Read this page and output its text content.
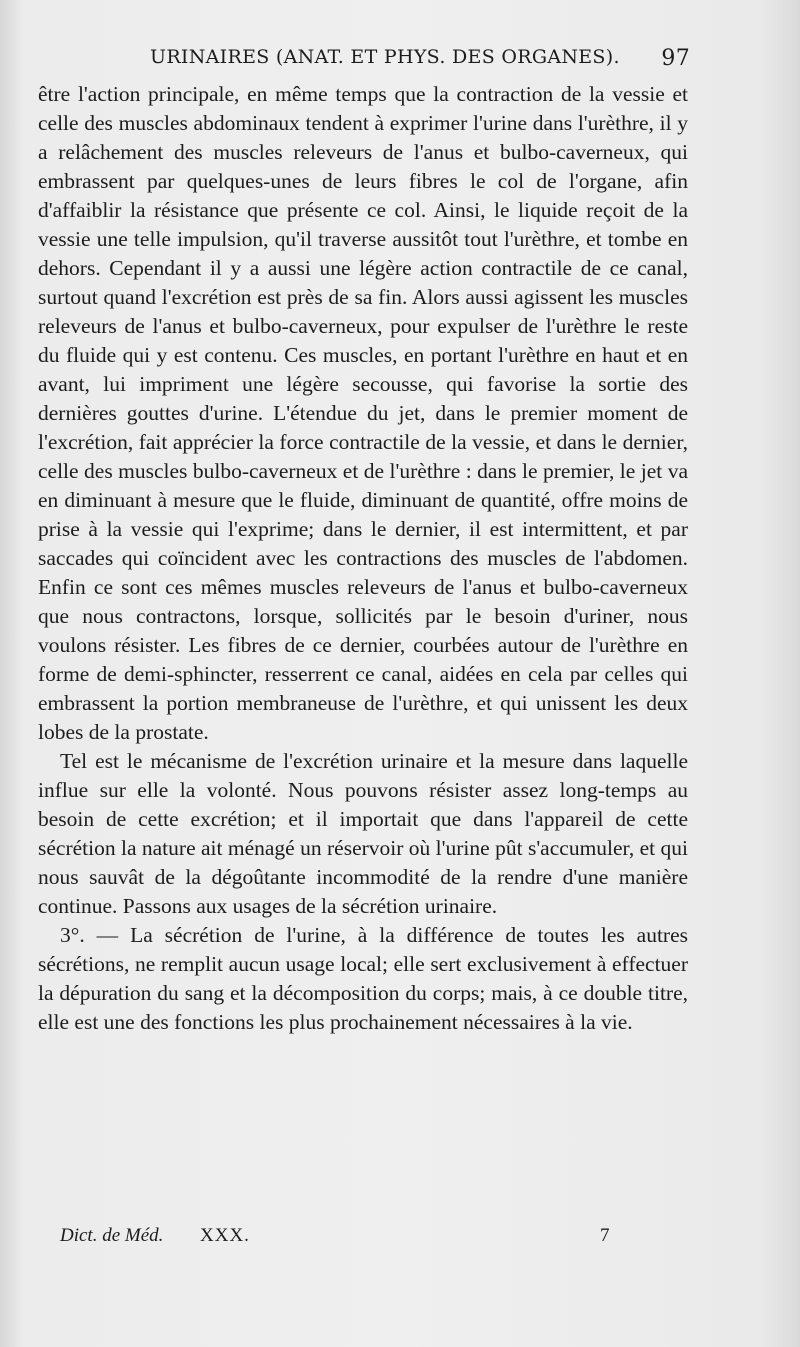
URINAIRES (ANAT. ET PHYS. DES ORGANES). 97

être l'action principale, en même temps que la contraction de la vessie et celle des muscles abdominaux tendent à exprimer l'urine dans l'urèthre, il y a relâchement des muscles releveurs de l'anus et bulbo-caverneux, qui embrassent par quelques-unes de leurs fibres le col de l'organe, afin d'affaiblir la résistance que présente ce col. Ainsi, le liquide reçoit de la vessie une telle impulsion, qu'il traverse aussitôt tout l'urèthre, et tombe en dehors. Cependant il y a aussi une légère action contractile de ce canal, surtout quand l'excrétion est près de sa fin. Alors aussi agissent les muscles releveurs de l'anus et bulbo-caverneux, pour expulser de l'urèthre le reste du fluide qui y est contenu. Ces muscles, en portant l'urèthre en haut et en avant, lui impriment une légère secousse, qui favorise la sortie des dernières gouttes d'urine. L'étendue du jet, dans le premier moment de l'excrétion, fait apprécier la force contractile de la vessie, et dans le dernier, celle des muscles bulbo-caverneux et de l'urèthre : dans le premier, le jet va en diminuant à mesure que le fluide, diminuant de quantité, offre moins de prise à la vessie qui l'exprime; dans le dernier, il est intermittent, et par saccades qui coïncident avec les contractions des muscles de l'abdomen. Enfin ce sont ces mêmes muscles releveurs de l'anus et bulbo-caverneux que nous contractons, lorsque, sollicités par le besoin d'uriner, nous voulons résister. Les fibres de ce dernier, courbées autour de l'urèthre en forme de demi-sphincter, resserrent ce canal, aidées en cela par celles qui embrassent la portion membraneuse de l'urèthre, et qui unissent les deux lobes de la prostate.

Tel est le mécanisme de l'excrétion urinaire et la mesure dans laquelle influe sur elle la volonté. Nous pouvons résister assez long-temps au besoin de cette excrétion; et il importait que dans l'appareil de cette sécrétion la nature ait ménagé un réservoir où l'urine pût s'accumuler, et qui nous sauvât de la dégoûtante incommodité de la rendre d'une manière continue. Passons aux usages de la sécrétion urinaire.

3°. — La sécrétion de l'urine, à la différence de toutes les autres sécrétions, ne remplit aucun usage local; elle sert exclusivement à effectuer la dépuration du sang et la décomposition du corps; mais, à ce double titre, elle est une des fonctions les plus prochainement nécessaires à la vie.

Dict. de Méd. XXX.	7
